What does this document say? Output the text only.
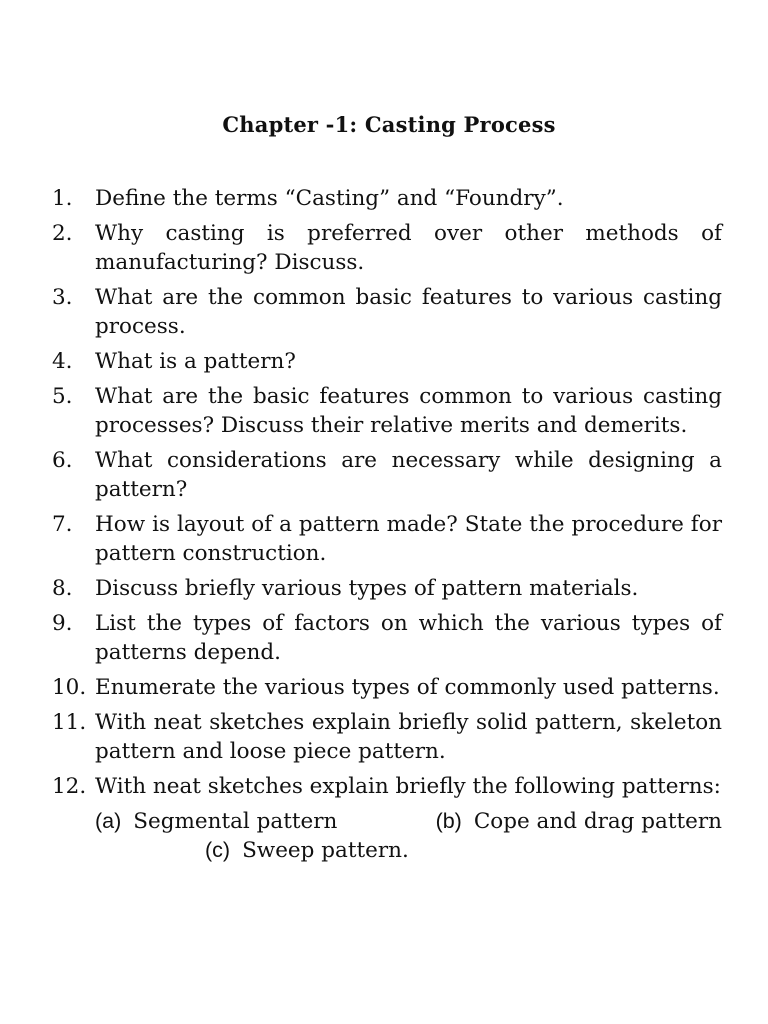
Chapter -1: Casting Process
1.	Define the terms “Casting” and “Foundry”.
2.	Why casting is preferred over other methods of manufacturing? Discuss.
3.	What are the common basic features to various casting process.
4.	What is a pattern?
5.	What are the basic features common to various casting processes? Discuss their relative merits and demerits.
6.	What considerations are necessary while designing a pattern?
7.	How is layout of a pattern made? State the procedure for pattern construction.
8.	Discuss briefly various types of pattern materials.
9.	List the types of factors on which the various types of patterns depend.
10. Enumerate the various types of commonly used patterns.
11. With neat sketches explain briefly solid pattern, skeleton pattern and loose piece pattern.
12. With neat sketches explain briefly the following patterns:
(a) Segmental pattern	(b) Cope and drag pattern
(c) Sweep pattern.
